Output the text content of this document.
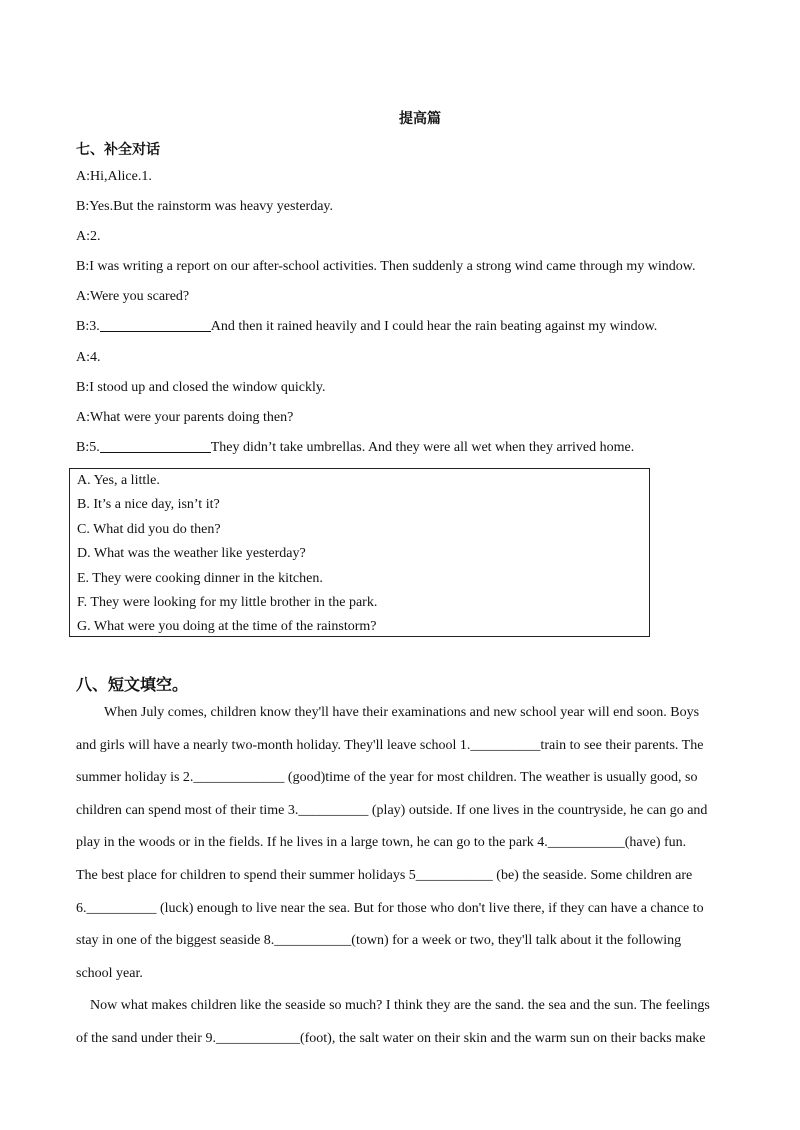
提高篇
七、补全对话
A:Hi,Alice.1.
B:Yes.But the rainstorm was heavy yesterday.
A:2.
B:I was writing a report on our after-school activities. Then suddenly a strong wind came through my window.
A:Were you scared?
B:3.	And then it rained heavily and I could hear the rain beating against my window.
A:4.
B:I stood up and closed the window quickly.
A:What were your parents doing then?
B:5.	They didn’t take umbrellas. And they were all wet when they arrived home.
A. Yes, a little.
B. It’s a nice day, isn’t it?
C. What did you do then?
D. What was the weather like yesterday?
E. They were cooking dinner in the kitchen.
F. They were looking for my little brother in the park.
G. What were you doing at the time of the rainstorm?
八、短文填空。
When July comes, children know they'll have their examinations and new school year will end soon. Boys
and girls will have a nearly two-month holiday. They'll leave school 1.__________train to see their parents. The
summer holiday is 2._____________ (good)time of the year for most children. The weather is usually good, so
children can spend most of their time 3.__________ (play) outside. If one lives in the countryside, he can go and
play in the woods or in the fields. If he lives in a large town, he can go to the park 4.___________(have) fun.
The best place for children to spend their summer holidays 5___________ (be) the seaside. Some children are
6.__________ (luck) enough to live near the sea. But for those who don't live there, if they can have a chance to
stay in one of the biggest seaside 8.___________(town) for a week or two, they'll talk about it the following
school year.
Now what makes children like the seaside so much? I think they are the sand. the sea and the sun. The feelings
of the sand under their 9.____________(foot), the salt water on their skin and the warm sun on their backs make
